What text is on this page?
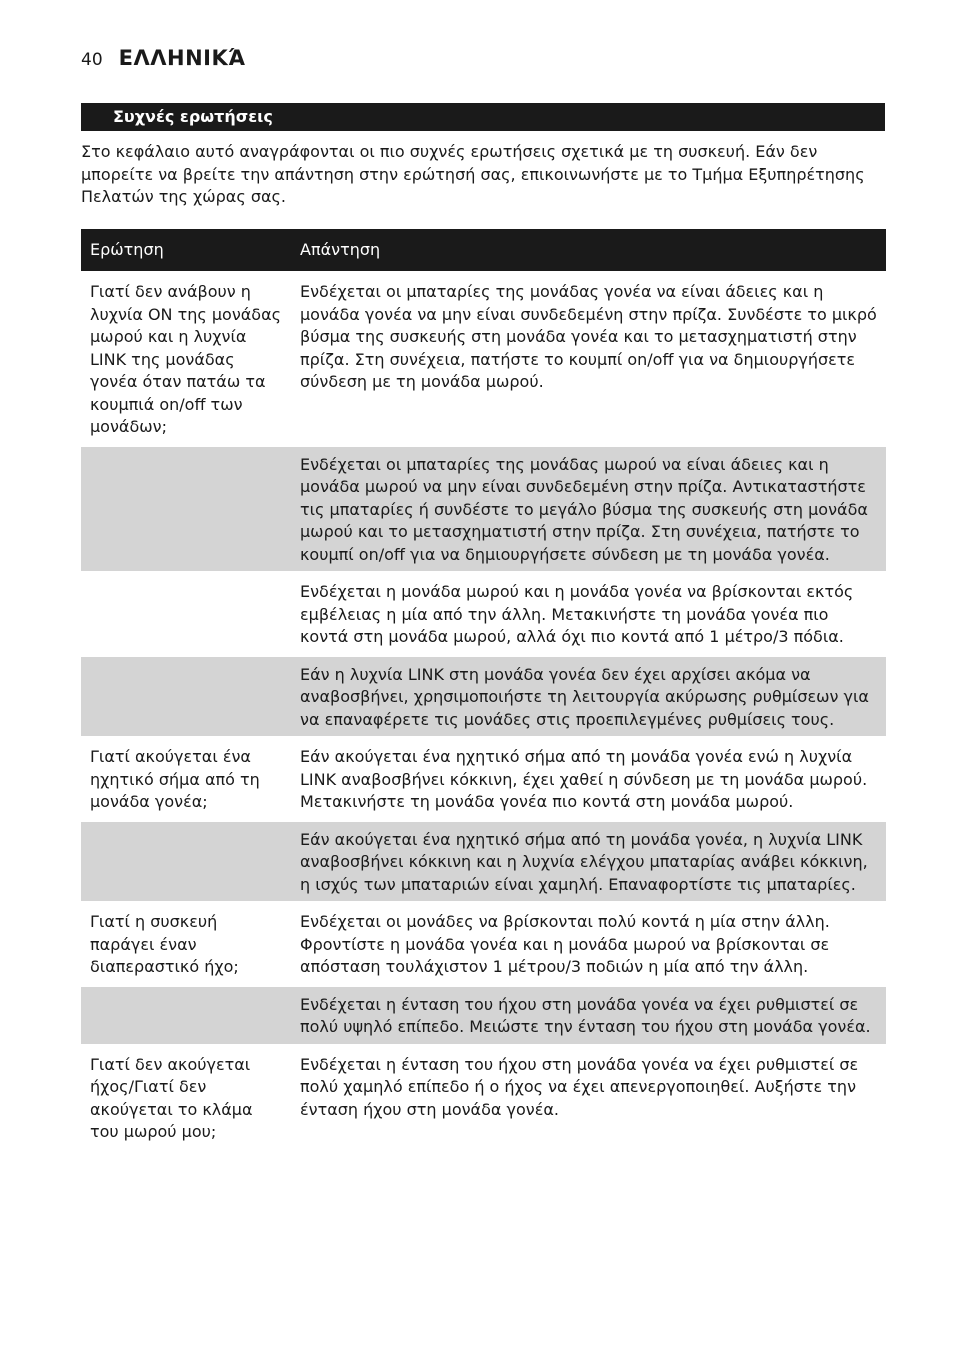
40 ΕΛΛΗΝΙΚΆ
Συχνές ερωτήσεις

Στο κεφάλαιο αυτό αναγράφονται οι πιο συχνές ερωτήσεις σχετικά με τη συσκευή. Εάν δεν μπορείτε να βρείτε την απάντηση στην ερώτησή σας, επικοινωνήστε με το Τμήμα Εξυπηρέτησης Πελατών της χώρας σας.

Ερώτηση	Απάντηση
Γιατί δεν ανάβουν η λυχνία ON της μονάδας μωρού και η λυχνία LINK της μονάδας γονέα όταν πατάω τα κουμπιά on/off των μονάδων;	Ενδέχεται οι μπαταρίες της μονάδας γονέα να είναι άδειες και η μονάδα γονέα να μην είναι συνδεδεμένη στην πρίζα. Συνδέστε το μικρό βύσμα της συσκευής στη μονάδα γονέα και το μετασχηματιστή στην πρίζα. Στη συνέχεια, πατήστε το κουμπί on/off για να δημιουργήσετε σύνδεση με τη μονάδα μωρού.
	Ενδέχεται οι μπαταρίες της μονάδας μωρού να είναι άδειες και η μονάδα μωρού να μην είναι συνδεδεμένη στην πρίζα. Αντικαταστήστε τις μπαταρίες ή συνδέστε το μεγάλο βύσμα της συσκευής στη μονάδα μωρού και το μετασχηματιστή στην πρίζα. Στη συνέχεια, πατήστε το κουμπί on/off για να δημιουργήσετε σύνδεση με τη μονάδα γονέα.
	Ενδέχεται η μονάδα μωρού και η μονάδα γονέα να βρίσκονται εκτός εμβέλειας η μία από την άλλη. Μετακινήστε τη μονάδα γονέα πιο κοντά στη μονάδα μωρού, αλλά όχι πιο κοντά από 1 μέτρο/3 πόδια.
	Εάν η λυχνία LINK στη μονάδα γονέα δεν έχει αρχίσει ακόμα να αναβοσβήνει, χρησιμοποιήστε τη λειτουργία ακύρωσης ρυθμίσεων για να επαναφέρετε τις μονάδες στις προεπιλεγμένες ρυθμίσεις τους.
Γιατί ακούγεται ένα ηχητικό σήμα από τη μονάδα γονέα;	Εάν ακούγεται ένα ηχητικό σήμα από τη μονάδα γονέα ενώ η λυχνία LINK αναβοσβήνει κόκκινη, έχει χαθεί η σύνδεση με τη μονάδα μωρού. Μετακινήστε τη μονάδα γονέα πιο κοντά στη μονάδα μωρού.
	Εάν ακούγεται ένα ηχητικό σήμα από τη μονάδα γονέα, η λυχνία LINK αναβοσβήνει κόκκινη και η λυχνία ελέγχου μπαταρίας ανάβει κόκκινη, η ισχύς των μπαταριών είναι χαμηλή. Επαναφορτίστε τις μπαταρίες.
Γιατί η συσκευή παράγει έναν διαπεραστικό ήχο;	Ενδέχεται οι μονάδες να βρίσκονται πολύ κοντά η μία στην άλλη. Φροντίστε η μονάδα γονέα και η μονάδα μωρού να βρίσκονται σε απόσταση τουλάχιστον 1 μέτρου/3 ποδιών η μία από την άλλη.
	Ενδέχεται η ένταση του ήχου στη μονάδα γονέα να έχει ρυθμιστεί σε πολύ υψηλό επίπεδο. Μειώστε την ένταση του ήχου στη μονάδα γονέα.
Γιατί δεν ακούγεται ήχος/Γιατί δεν ακούγεται το κλάμα του μωρού μου;	Ενδέχεται η ένταση του ήχου στη μονάδα γονέα να έχει ρυθμιστεί σε πολύ χαμηλό επίπεδο ή ο ήχος να έχει απενεργοποιηθεί. Αυξήστε την ένταση ήχου στη μονάδα γονέα.
